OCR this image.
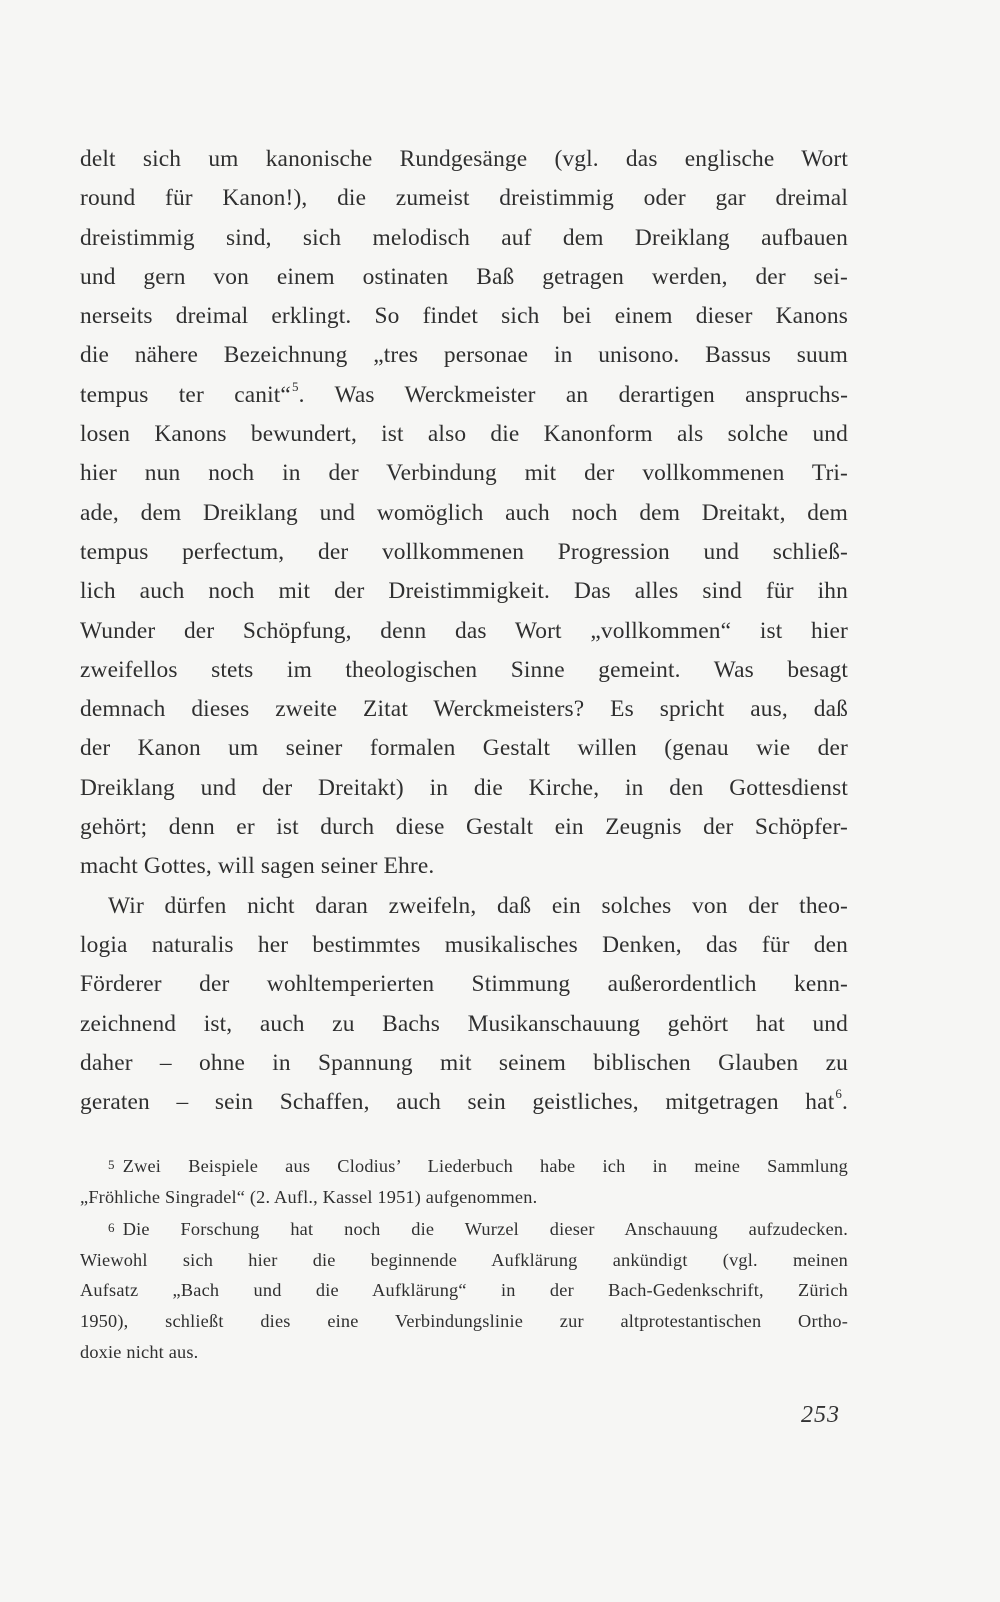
delt sich um kanonische Rundgesänge (vgl. das englische Wort
round für Kanon!), die zumeist dreistimmig oder gar dreimal
dreistimmig sind, sich melodisch auf dem Dreiklang aufbauen
und gern von einem ostinaten Baß getragen werden, der sei-
nerseits dreimal erklingt. So findet sich bei einem dieser Kanons
die nähere Bezeichnung „tres personae in unisono. Bassus suum
tempus ter canit“$^5$. Was Werckmeister an derartigen anspruchs-
losen Kanons bewundert, ist also die Kanonform als solche und
hier nun noch in der Verbindung mit der vollkommenen Tri-
ade, dem Dreiklang und womöglich auch noch dem Dreitakt, dem
tempus perfectum, der vollkommenen Progression und schließ-
lich auch noch mit der Dreistimmigkeit. Das alles sind für ihn
Wunder der Schöpfung, denn das Wort „vollkommen“ ist hier
zweifellos stets im theologischen Sinne gemeint. Was besagt
demnach dieses zweite Zitat Werckmeisters? Es spricht aus, daß
der Kanon um seiner formalen Gestalt willen (genau wie der
Dreiklang und der Dreitakt) in die Kirche, in den Gottesdienst
gehört; denn er ist durch diese Gestalt ein Zeugnis der Schöpfer-
macht Gottes, will sagen seiner Ehre.
Wir dürfen nicht daran zweifeln, daß ein solches von der theo-
logia naturalis her bestimmtes musikalisches Denken, das für den
Förderer der wohltemperierten Stimmung außerordentlich kenn-
zeichnend ist, auch zu Bachs Musikanschauung gehört hat und
daher – ohne in Spannung mit seinem biblischen Glauben zu
geraten – sein Schaffen, auch sein geistliches, mitgetragen hat$^6$.
5 Zwei Beispiele aus Clodius’ Liederbuch habe ich in meine Sammlung
„Fröhliche Singradel“ (2. Aufl., Kassel 1951) aufgenommen.
6 Die Forschung hat noch die Wurzel dieser Anschauung aufzudecken.
Wiewohl sich hier die beginnende Aufklärung ankündigt (vgl. meinen
Aufsatz „Bach und die Aufklärung“ in der Bach-Gedenkschrift, Zürich
1950), schließt dies eine Verbindungslinie zur altprotestantischen Ortho-
doxie nicht aus.
253
